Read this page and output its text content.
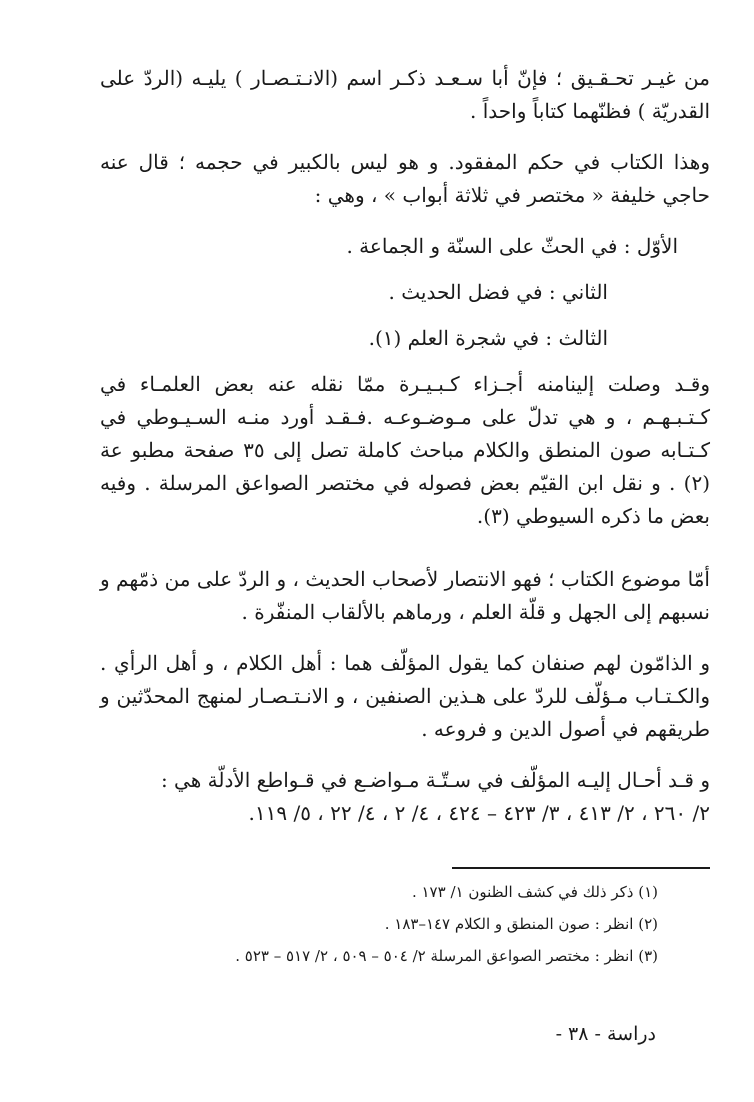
من غيـر تحـقـيق ؛ فإنّ أبا سـعـد ذكـر اسم (الانـتـصـار ) يليـه (الردّ على القدريّة ) فظنّهما كتاباً واحداً .

وهذا الكتاب في حكم المفقود. و هو ليس بالكبير في حجمه ؛ قال عنه حاجي خليفة « مختصر في ثلاثة أبواب » ، وهي :

الأوّل : في الحثّ على السنّة و الجماعة .

الثاني : في فضل الحديث .

الثالث : في شجرة العلم (١).

وقـد وصلت إلينامنه أجـزاء كـبـيـرة ممّا نقله عنه بعض العلمـاء في كـتـبـهـم ، و هي تدلّ على مـوضـوعـه .فـقـد أورد منـه السـيـوطي في كـتـابه صون المنطق والكلام مباحث كاملة تصل إلى ٣٥ صفحة مطبو عة (٢) . و نقل ابن القيّم بعض فصوله في مختصر الصواعق المرسلة . وفيه بعض ما ذكره السيوطي (٣).

أمّا موضوع الكتاب ؛ فهو الانتصار لأصحاب الحديث ، و الردّ على من ذمّهم و نسبهم إلى الجهل و قلّة العلم ، ورماهم بالألقاب المنفّرة .

و الذامّون لهم صنفان كما يقول المؤلّف هما : أهل الكلام ، و أهل الرأي . والكـتـاب مـؤلّف للردّ على هـذين الصنفين ، و الانـتـصـار لمنهج المحدّثين و طريقهم في أصول الدين و فروعه .

و قـد أحـال إليـه المؤلّف في سـتّـة مـواضـع في قـواطع الأدلّة هي :

٢/ ٢٦٠ ، ٢/ ٤١٣ ، ٣/ ٤٢٣ – ٤٢٤ ، ٤/ ٢ ، ٤/ ٢٢ ، ٥/ ١١٩.

(١) ذكر ذلك في كشف الظنون ١/ ١٧٣ .
(٢) انظر : صون المنطق و الكلام ١٤٧–١٨٣ .
(٣) انظر : مختصر الصواعق المرسلة ٢/ ٥٠٤ – ٥٠٩ ، ٢/ ٥١٧ – ٥٢٣ .
دراسة - ٣٨ -
